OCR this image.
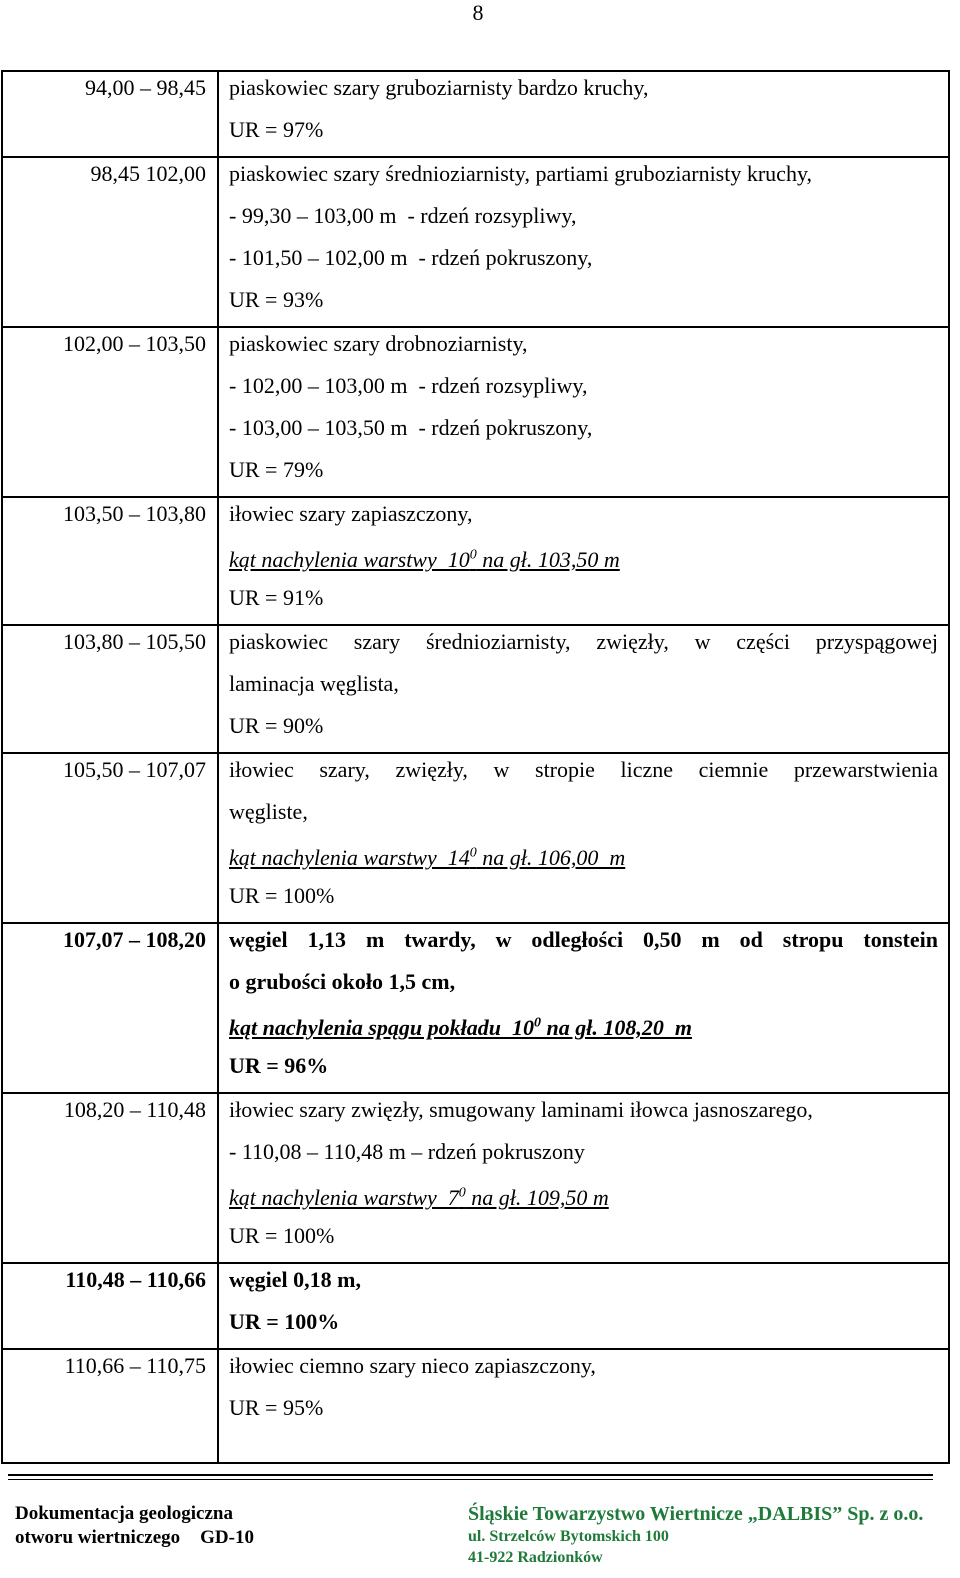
8
94,00 – 98,45	piaskowiec szary gruboziarnisty bardzo kruchy,
UR = 97%

98,45 102,00	piaskowiec szary średnioziarnisty, partiami gruboziarnisty kruchy,
- 99,30 – 103,00 m  - rdzeń rozsypliwy,
- 101,50 – 102,00 m  - rdzeń pokruszony,
UR = 93%

102,00 – 103,50	piaskowiec szary drobnoziarnisty,
- 102,00 – 103,00 m  - rdzeń rozsypliwy,
- 103,00 – 103,50 m  - rdzeń pokruszony,
UR = 79%

103,50 – 103,80	iłowiec szary zapiaszczony,
kąt nachylenia warstwy  $10^0$ na gł. 103,50 m
UR = 91%

103,80 – 105,50	piaskowiec szary średnioziarnisty, zwięzły, w części przyspągowej
laminacja węglista,
UR = 90%

105,50 – 107,07	iłowiec szary, zwięzły, w stropie liczne ciemnie przewarstwienia
węgliste,
kąt nachylenia warstwy  $14^0$ na gł. 106,00  m
UR = 100%

107,07 – 108,20	węgiel 1,13 m twardy, w odległości 0,50 m od stropu tonstein
o grubości około 1,5 cm,
kąt nachylenia spągu pokładu  $10^0$ na gł. 108,20  m
UR = 96%

108,20 – 110,48	iłowiec szary zwięzły, smugowany laminami iłowca jasnoszarego,
- 110,08 – 110,48 m – rdzeń pokruszony
kąt nachylenia warstwy  $7^0$ na gł. 109,50 m
UR = 100%

110,48 – 110,66	węgiel 0,18 m,
UR = 100%

110,66 – 110,75	iłowiec ciemno szary nieco zapiaszczony,
UR = 95%
Dokumentacja geologiczna
otworu wiertniczego GD-10
Śląskie Towarzystwo Wiertnicze „DALBIS” Sp. z o.o.
ul. Strzelców Bytomskich 100
41-922 Radzionków
